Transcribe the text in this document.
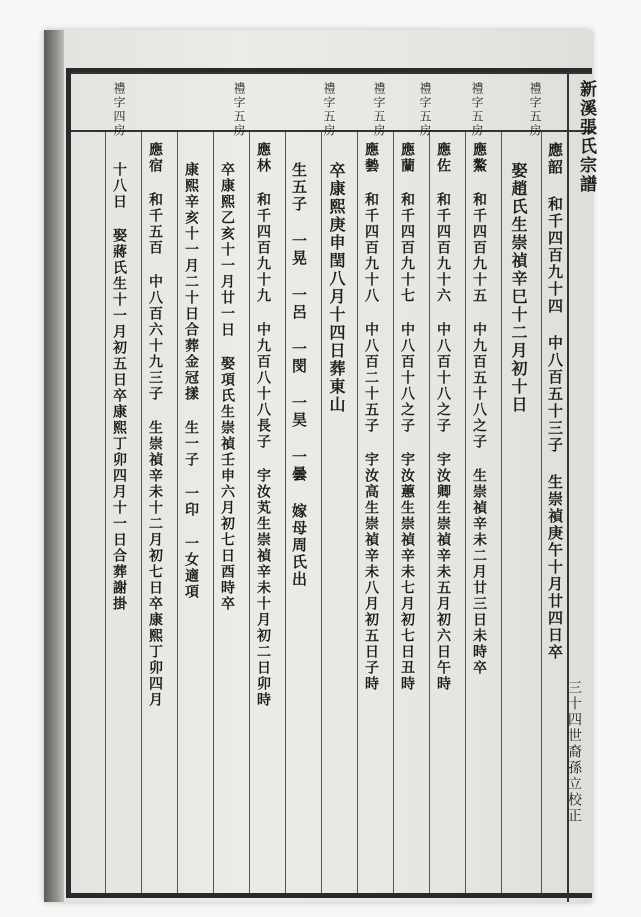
三十四世裔孫立校正
新溪張氏宗譜
禮字五房
禮字五房
禮字五房
禮字五房
禮字五房
禮字五房
禮字四房
應韶 和千四百九十四 中八百五十三子 生崇禎庚午十月廿四日卒
娶趙氏生崇禎辛巳十二月初十日
應鰲 和千四百九十五 中九百五十八之子 生崇禎辛未二月廿三日未時卒
應佐 和千四百九十六 中八百十八之子 宇汝卿生崇禎辛未五月初六日午時
應蘭 和千四百九十七 中八百十八之子 宇汝蕙生崇禎辛未七月初七日丑時
應㙯 和千四百九十八 中八百二十五子 宇汝高生崇禎辛未八月初五日子時
卒康熙庚申閏八月十四日葬東山
生五子 一晃 一呂 一閔 一昊 一曇 嫁母周氏出
應林 和千四百九十九 中九百八十八長子 宇汝芄生崇禎辛未十月初二日卯時
卒康熙乙亥十一月廿一日 娶項氏生崇禎壬申六月初七日酉時卒
康熙辛亥十一月二十日合葬金冠㨾 生一子 一印 一女適項
應宿 和千五百 中八百六十九三子 生崇禎辛未十二月初七日卒康熙丁卯四月
十八日 娶蔣氏生十一月初五日卒康熙丁卯四月十一日合葬謝掛
